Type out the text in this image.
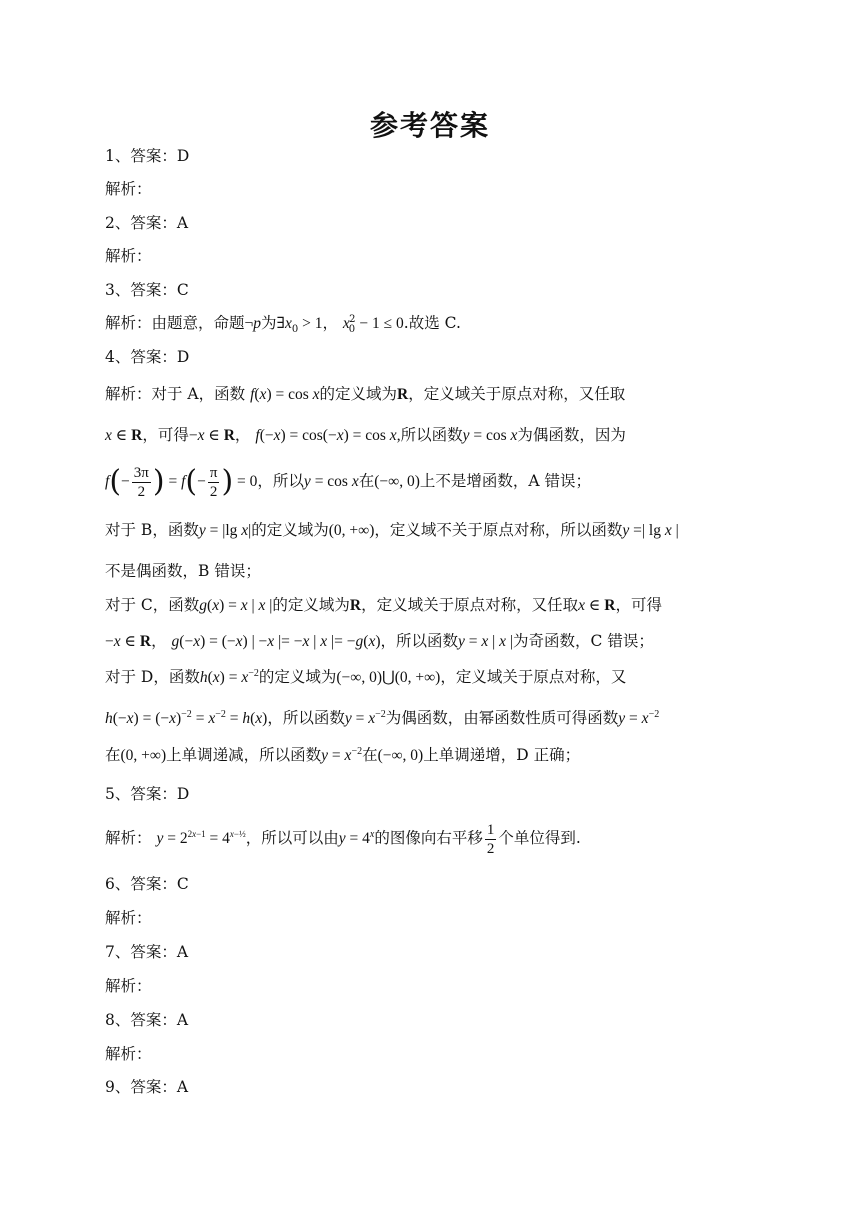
参考答案
1、答案：D
解析：
2、答案：A
解析：
3、答案：C
解析：由题意，命题¬p为$\exists x_0 > 1$， $x_0^2 - 1 \le 0$.故选 C.
4、答案：D
解析：对于 A，函数 f(x) = cos x的定义域为R，定义域关于原点对称，又任取
x ∈ R，可得−x ∈ R， f(−x) = cos(−x) = cos x,所以函数y = cos x为偶函数，因为
$f(- \frac{3\pi}{2}$ ) = $f(- \frac{\pi}{2}$ ) = 0，所以y = cos x在(−∞, 0)上不是增函数，A 错误；
对于 B，函数y = |lg x|的定义域为(0, +∞)，定义域不关于原点对称，所以函数y =| lg x |
不是偶函数，B 错误；
对于 C，函数g(x) = x | x |的定义域为R，定义域关于原点对称，又任取x ∈ R，可得
−x ∈ R， g(−x) = (−x) | −x |= −x | x |= −g(x)，所以函数y = x | x |为奇函数，C 错误；
对于 D，函数$h(x) = x^{-2}$的定义域为(−∞, 0)⋃(0, +∞)，定义域关于原点对称，又
$h(-x) = (-x)^{-2} = x^{-2} = h(x)$，所以函数$y = x^{-2}$为偶函数，由幂函数性质可得函数$y = x^{-2}$
在(0, +∞)上单调递减，所以函数$y = x^{-2}$在(−∞, 0)上单调递增，D 正确；
5、答案：D
解析： $y = 2^{2x-1} = 4^{x-\frac{1}{2}}$，所以可以由$y = 4^x$的图像向右平移 $\frac{1}{2}$ 个单位得到.
6、答案：C
解析：
7、答案：A
解析：
8、答案：A
解析：
9、答案：A
